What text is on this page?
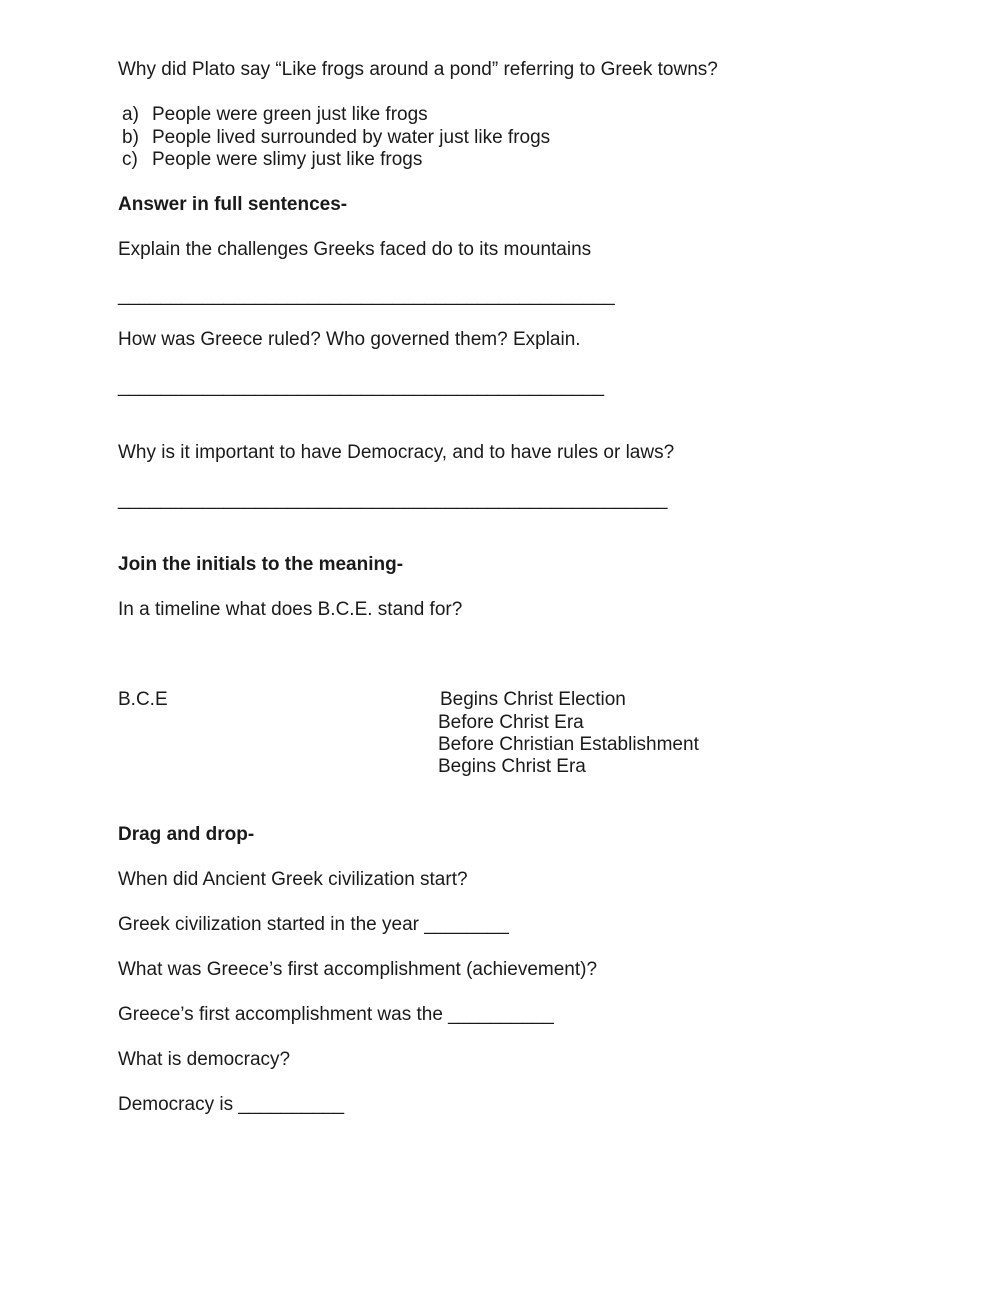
Why did Plato say “Like frogs around a pond” referring to Greek towns?
a) People were green just like frogs
b) People lived surrounded by water just like frogs
c) People were slimy just like frogs
Answer in full sentences-
Explain the challenges Greeks faced do to its mountains
_______________________________________________
How was Greece ruled? Who governed them? Explain.
______________________________________________
Why is it important to have Democracy, and to have rules or laws?
____________________________________________________
Join the initials to the meaning-
In a timeline what does B.C.E. stand for?
B.C.E	Begins Christ Election
Before Christ Era
Before Christian Establishment
Begins Christ Era
Drag and drop-
When did Ancient Greek civilization start?
Greek civilization started in the year ________
What was Greece’s first accomplishment (achievement)?
Greece’s first accomplishment was the __________
What is democracy?
Democracy is __________
